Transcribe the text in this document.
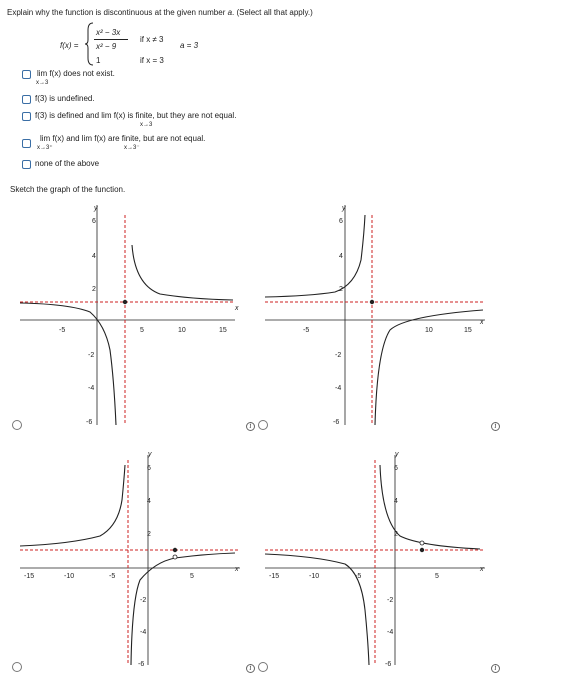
Explain why the function is discontinuous at the given number a. (Select all that apply.)
f(x) =
x² − 3x
x² − 9
if x ≠ 3
1	if x = 3
a = 3
lim f(x) does not exist.
x→3
f(3) is undefined.
f(3) is defined and lim f(x) is finite, but they are not equal.
x→3
lim f(x) and lim f(x) are finite, but are not equal.
x→3⁺	x→3⁻
none of the above
Sketch the graph of the function.
-5	5	10	15
6
4
2
-2
-4
-6
x
y
i
-5	10	15
6
4
2
-2
-4
-6
x
y
i
-15	-10	-5	5
6
4
2
-2
-4
-6
x
y
i
-15	-10	-5	5
6
4
2
-2
-4
-6
x
y
i
